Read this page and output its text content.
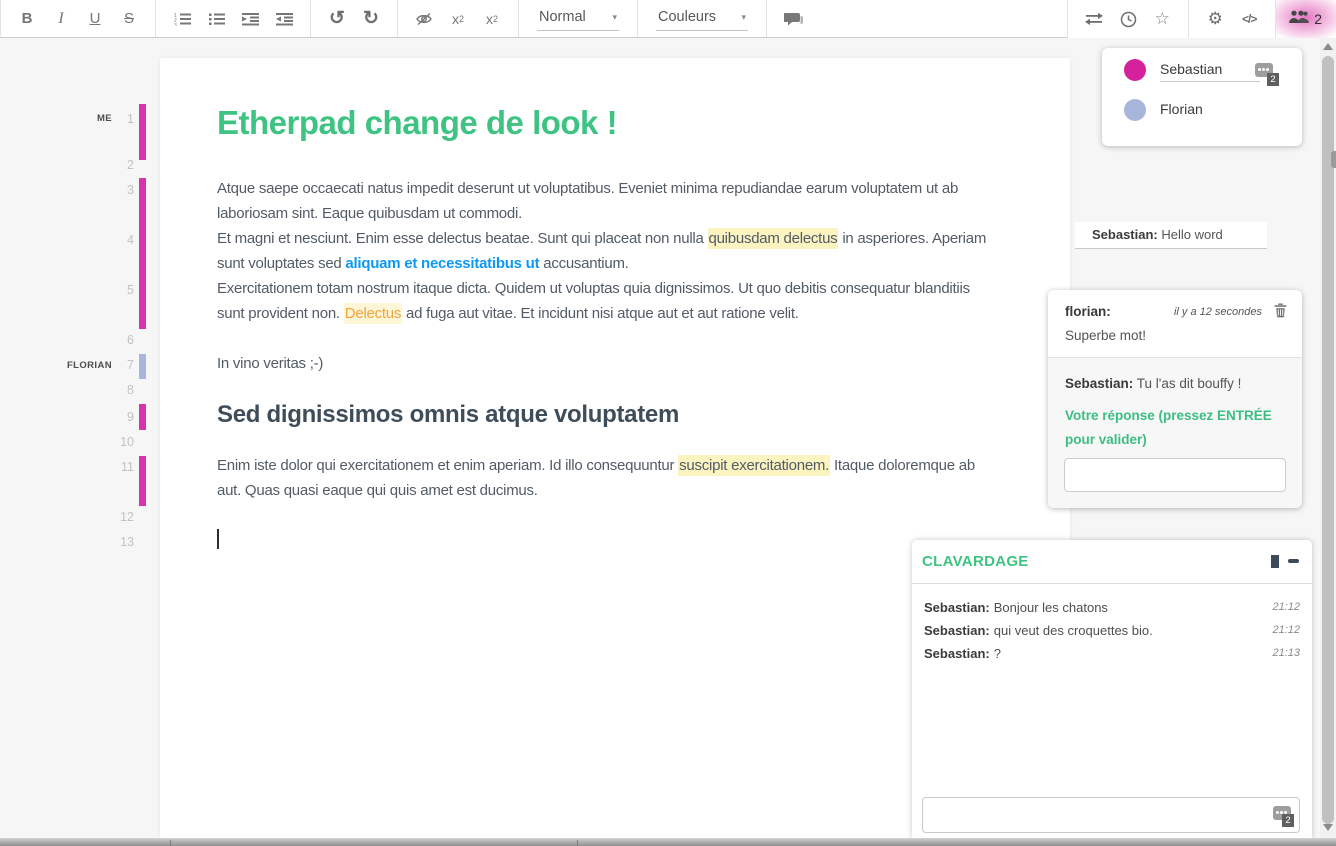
B	I	U	S	1
2
3	↺ ↻	x 2 x 2	Normal	▾	Couleurs	▾	☆	⚙	</>	2
Sebastian
2
Florian
ME
FLORIAN
1
2
3
4
5
6
7
8
9
10
11
12
13
Etherpad change de look !
Atque saepe occaecati natus impedit deserunt ut voluptatibus. Eveniet minima repudiandae earum voluptatem ut ab
laboriosam sint. Eaque quibusdam ut commodi.
Et magni et nesciunt. Enim esse delectus beatae. Sunt qui placeat non nulla quibusdam delectus in asperiores. Aperiam
sunt voluptates sed aliquam et necessitatibus ut accusantium.
Exercitationem totam nostrum itaque dicta. Quidem ut voluptas quia dignissimos. Ut quo debitis consequatur blanditiis
sunt provident non. Delectus ad fuga aut vitae. Et incidunt nisi atque aut et aut ratione velit.
In vino veritas ;-)
Sed dignissimos omnis atque voluptatem
Enim iste dolor qui exercitationem et enim aperiam. Id illo consequuntur suscipit exercitationem. Itaque doloremque ab
aut. Quas quasi eaque qui quis amet est ducimus.
Sebastian: Hello word
florian:	il y a 12 secondes
Superbe mot!
Sebastian: Tu l'as dit bouffy !
Votre réponse (pressez ENTRÉE
pour valider)
CLAVARDAGE
Sebastian: Bonjour les chatons	21:12
Sebastian: qui veut des croquettes bio.	21:12
Sebastian: ?	21:13
2
